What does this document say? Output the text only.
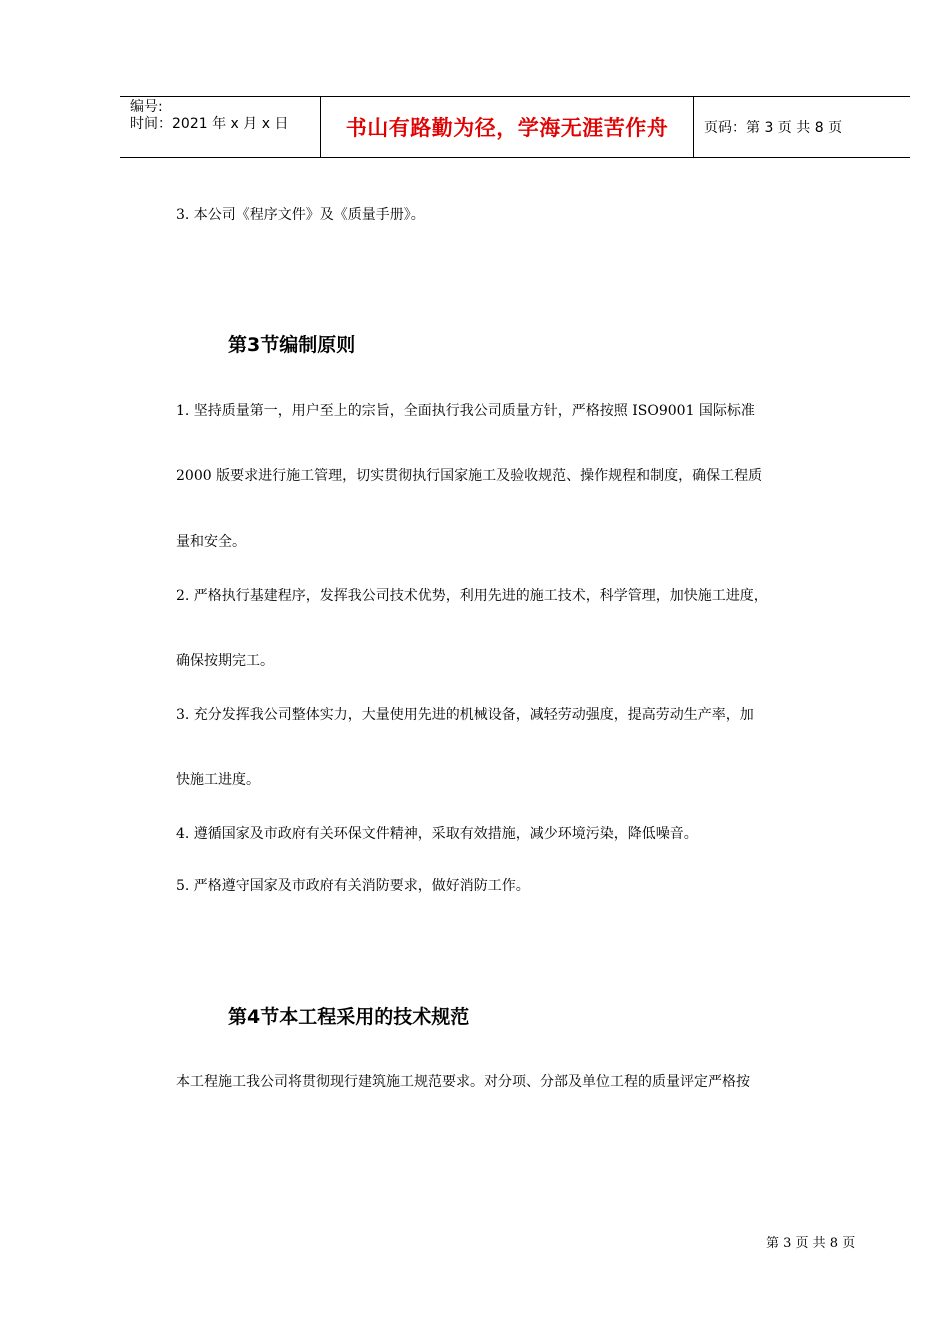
编号:
时间：2021 年 x 月 x 日	书山有路勤为径，学海无涯苦作舟	页码：第 3 页 共 8 页
3. 本公司《程序文件》及《质量手册》。
第3节编制原则
1. 坚持质量第一，用户至上的宗旨，全面执行我公司质量方针，严格按照 ISO9001 国际标准
2000 版要求进行施工管理，切实贯彻执行国家施工及验收规范、操作规程和制度，确保工程质
量和安全。
2. 严格执行基建程序，发挥我公司技术优势，利用先进的施工技术，科学管理，加快施工进度，
确保按期完工。
3. 充分发挥我公司整体实力，大量使用先进的机械设备，减轻劳动强度，提高劳动生产率，加
快施工进度。
4. 遵循国家及市政府有关环保文件精神，采取有效措施，减少环境污染，降低噪音。
5. 严格遵守国家及市政府有关消防要求，做好消防工作。
第4节本工程采用的技术规范
本工程施工我公司将贯彻现行建筑施工规范要求。对分项、分部及单位工程的质量评定严格按
第 3 页 共 8 页
